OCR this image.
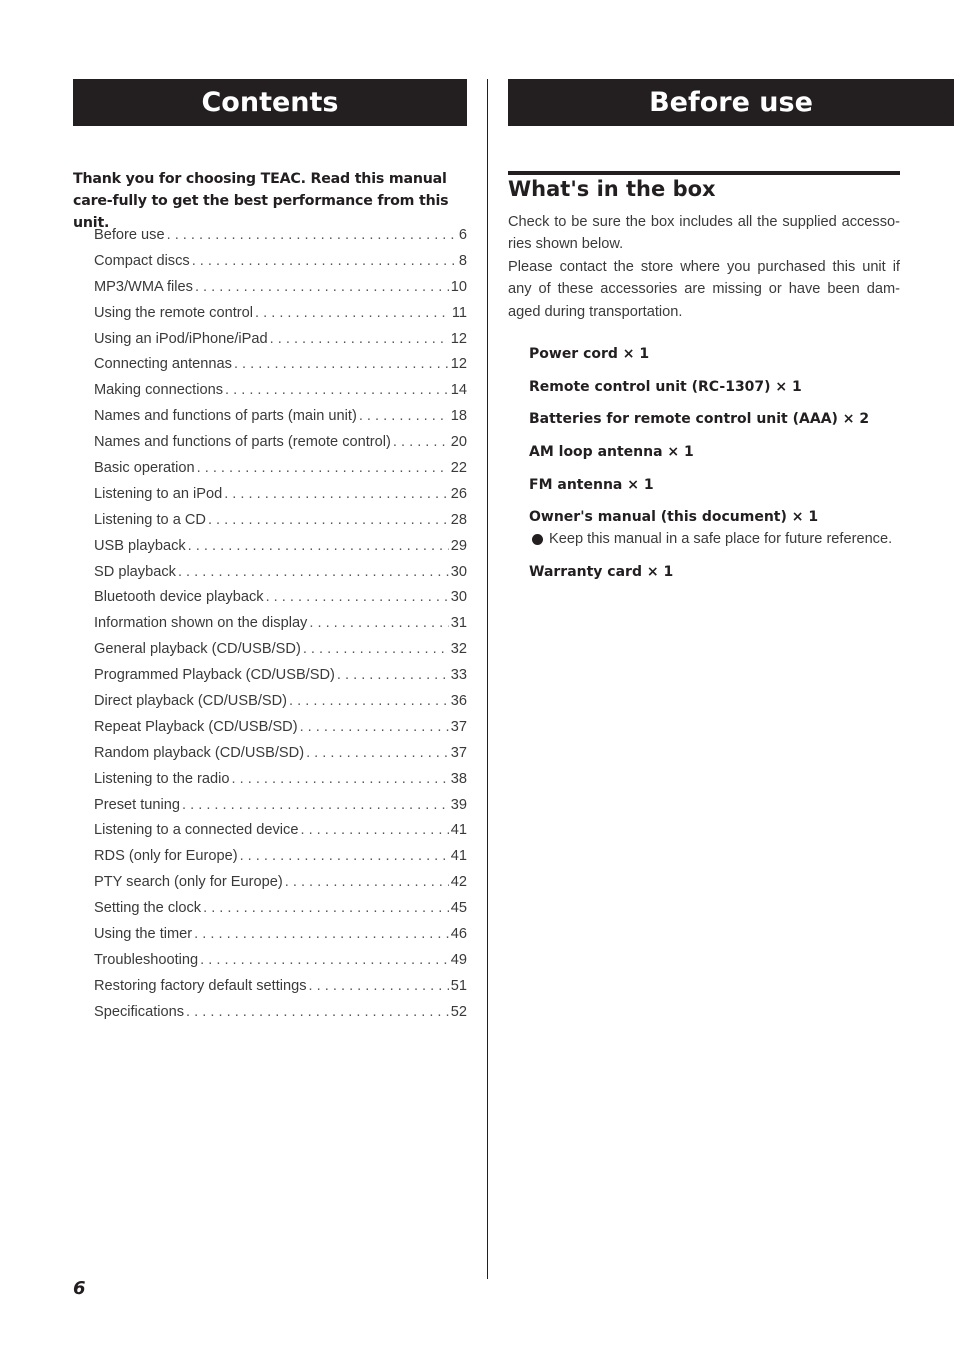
Contents	Before use
Thank you for choosing TEAC. Read this manual care-fully to get the best performance from this unit.
Before use . . .	6
Compact discs . . .	8
MP3/WMA files . . .	10
Using the remote control . . .	11
Using an iPod/iPhone/iPad . . .	12
Connecting antennas . . .	12
Making connections . . .	14
Names and functions of parts (main unit) . . .	18
Names and functions of parts (remote control) . . .	20
Basic operation . . .	22
Listening to an iPod . . .	26
Listening to a CD . . .	28
USB playback . . .	29
SD playback . . .	30
Bluetooth device playback . . .	30
Information shown on the display . . .	31
General playback (CD/USB/SD) . . .	32
Programmed Playback (CD/USB/SD) . . .	33
Direct playback (CD/USB/SD) . . .	36
Repeat Playback (CD/USB/SD) . . .	37
Random playback (CD/USB/SD) . . .	37
Listening to the radio . . .	38
Preset tuning . . .	39
Listening to a connected device . . .	41
RDS (only for Europe) . . .	41
PTY search (only for Europe) . . .	42
Setting the clock . . .	45
Using the timer . . .	46
Troubleshooting . . .	49
Restoring factory default settings . . .	51
Specifications . . .	52
What's in the box
Check to be sure the box includes all the supplied accesso-ries shown below.
Please contact the store where you purchased this unit if any of these accessories are missing or have been dam-aged during transportation.
Power cord × 1
Remote control unit (RC-1307) × 1
Batteries for remote control unit (AAA) × 2
AM loop antenna × 1
FM antenna × 1
Owner's manual (this document) × 1
Keep this manual in a safe place for future reference.
Warranty card × 1
6
